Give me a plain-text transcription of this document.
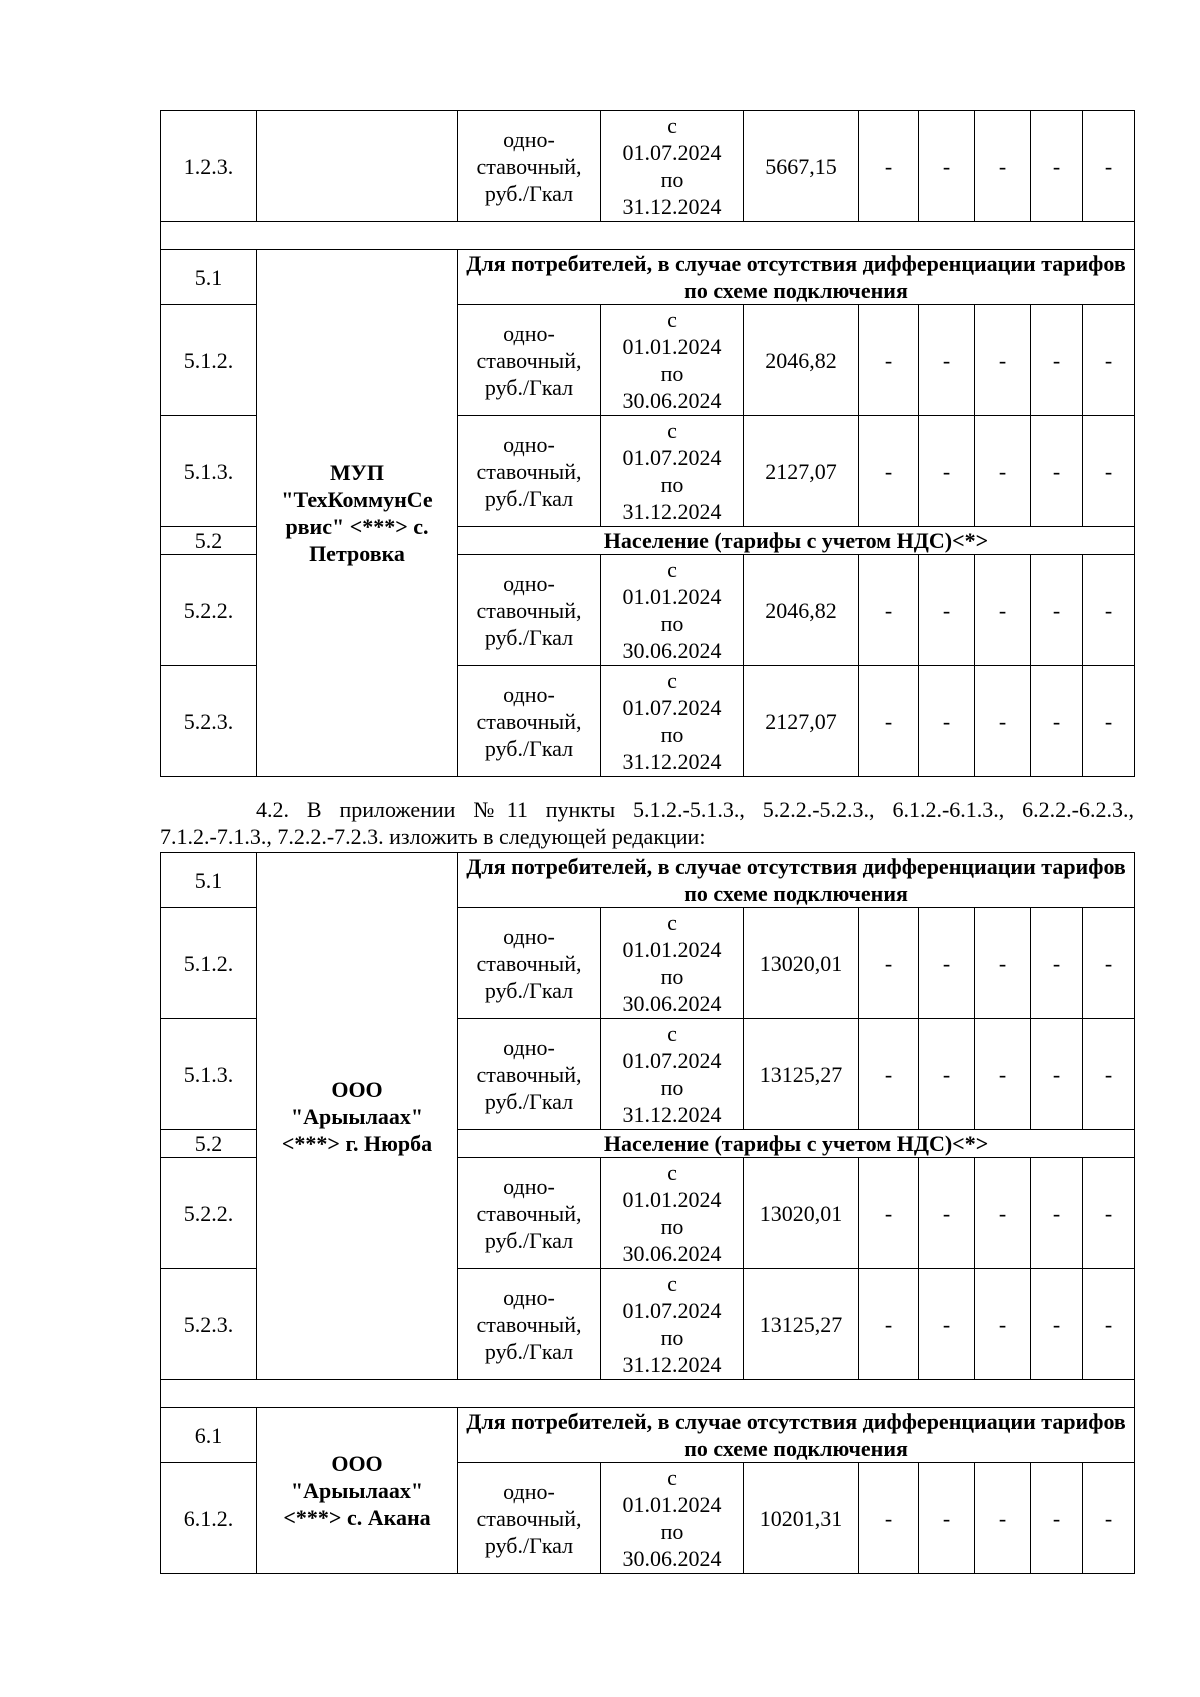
1.2.3.		одно-
ставочный,
руб./Гкал	с
01.07.2024
по
31.12.2024	5667,15	-	-	-	-	-

5.1	МУП
"ТехКоммунСе
рвис" <***> с.
Петровка	Для потребителей, в случае отсутствия дифференциации тарифов по схеме подключения							
5.1.2.		одно-
ставочный,
руб./Гкал	с
01.01.2024
по
30.06.2024	2046,82	-	-	-	-	-
5.1.3.		одно-
ставочный,
руб./Гкал	с
01.07.2024
по
31.12.2024	2127,07	-	-	-	-	-
5.2		Население (тарифы с учетом НДС)<*>							
5.2.2.		одно-
ставочный,
руб./Гкал	с
01.01.2024
по
30.06.2024	2046,82	-	-	-	-	-
5.2.3.		одно-
ставочный,
руб./Гкал	с
01.07.2024
по
31.12.2024	2127,07	-	-	-	-	-
4.2. В приложении №11 пункты 5.1.2.-5.1.3., 5.2.2.-5.2.3., 6.1.2.-6.1.3., 6.2.2.-6.2.3.,
7.1.2.-7.1.3., 7.2.2.-7.2.3. изложить в следующей редакции:
5.1	ООО
"Арыылаах"
<***> г. Нюрба	Для потребителей, в случае отсутствия дифференциации тарифов по схеме подключения							
5.1.2.		одно-
ставочный,
руб./Гкал	с
01.01.2024
по
30.06.2024	13020,01	-	-	-	-	-
5.1.3.		одно-
ставочный,
руб./Гкал	с
01.07.2024
по
31.12.2024	13125,27	-	-	-	-	-
5.2		Население (тарифы с учетом НДС)<*>							
5.2.2.		одно-
ставочный,
руб./Гкал	с
01.01.2024
по
30.06.2024	13020,01	-	-	-	-	-
5.2.3.		одно-
ставочный,
руб./Гкал	с
01.07.2024
по
31.12.2024	13125,27	-	-	-	-	-

6.1	ООО
"Арыылаах"
<***> с. Акана	Для потребителей, в случае отсутствия дифференциации тарифов по схеме подключения							
6.1.2.		одно-
ставочный,
руб./Гкал	с
01.01.2024
по
30.06.2024	10201,31	-	-	-	-	-
